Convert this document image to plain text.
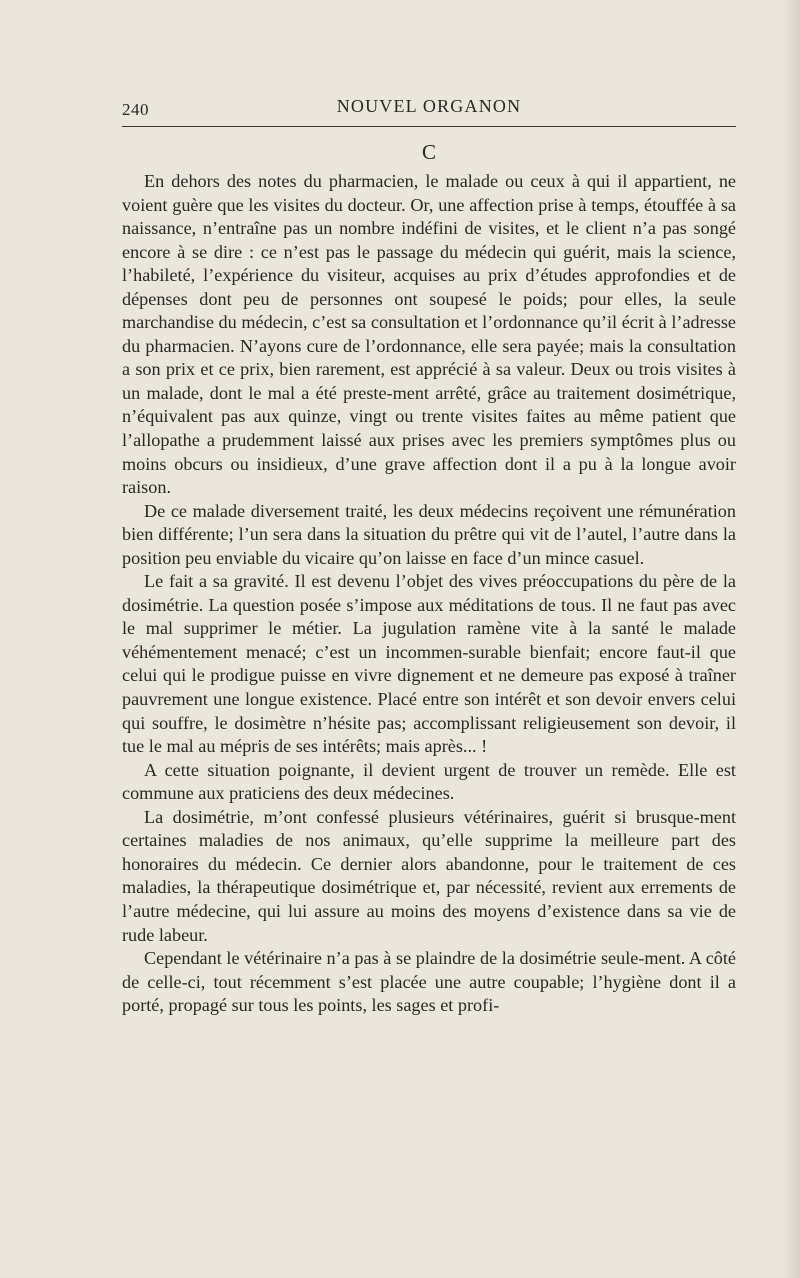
240	NOUVEL ORGANON
C

En dehors des notes du pharmacien, le malade ou ceux à qui il appartient, ne voient guère que les visites du docteur. Or, une affection prise à temps, étouffée à sa naissance, n’entraîne pas un nombre indéfini de visites, et le client n’a pas songé encore à se dire : ce n’est pas le passage du médecin qui guérit, mais la science, l’habileté, l’expérience du visiteur, acquises au prix d’études approfondies et de dépenses dont peu de personnes ont soupesé le poids; pour elles, la seule marchandise du médecin, c’est sa consultation et l’ordonnance qu’il écrit à l’adresse du pharmacien. N’ayons cure de l’ordonnance, elle sera payée; mais la consultation a son prix et ce prix, bien rarement, est apprécié à sa valeur. Deux ou trois visites à un malade, dont le mal a été preste-ment arrêté, grâce au traitement dosimétrique, n’équivalent pas aux quinze, vingt ou trente visites faites au même patient que l’allopathe a prudemment laissé aux prises avec les premiers symptômes plus ou moins obcurs ou insidieux, d’une grave affection dont il a pu à la longue avoir raison.

De ce malade diversement traité, les deux médecins reçoivent une rémunération bien différente; l’un sera dans la situation du prêtre qui vit de l’autel, l’autre dans la position peu enviable du vicaire qu’on laisse en face d’un mince casuel.

Le fait a sa gravité. Il est devenu l’objet des vives préoccupations du père de la dosimétrie. La question posée s’impose aux méditations de tous. Il ne faut pas avec le mal supprimer le métier. La jugulation ramène vite à la santé le malade véhémentement menacé; c’est un incommen-surable bienfait; encore faut-il que celui qui le prodigue puisse en vivre dignement et ne demeure pas exposé à traîner pauvrement une longue existence. Placé entre son intérêt et son devoir envers celui qui souffre, le dosimètre n’hésite pas; accomplissant religieusement son devoir, il tue le mal au mépris de ses intérêts; mais après... !

A cette situation poignante, il devient urgent de trouver un remède. Elle est commune aux praticiens des deux médecines.

La dosimétrie, m’ont confessé plusieurs vétérinaires, guérit si brusque-ment certaines maladies de nos animaux, qu’elle supprime la meilleure part des honoraires du médecin. Ce dernier alors abandonne, pour le traitement de ces maladies, la thérapeutique dosimétrique et, par nécessité, revient aux errements de l’autre médecine, qui lui assure au moins des moyens d’existence dans sa vie de rude labeur.

Cependant le vétérinaire n’a pas à se plaindre de la dosimétrie seule-ment. A côté de celle-ci, tout récemment s’est placée une autre coupable; l’hygiène dont il a porté, propagé sur tous les points, les sages et profi-
